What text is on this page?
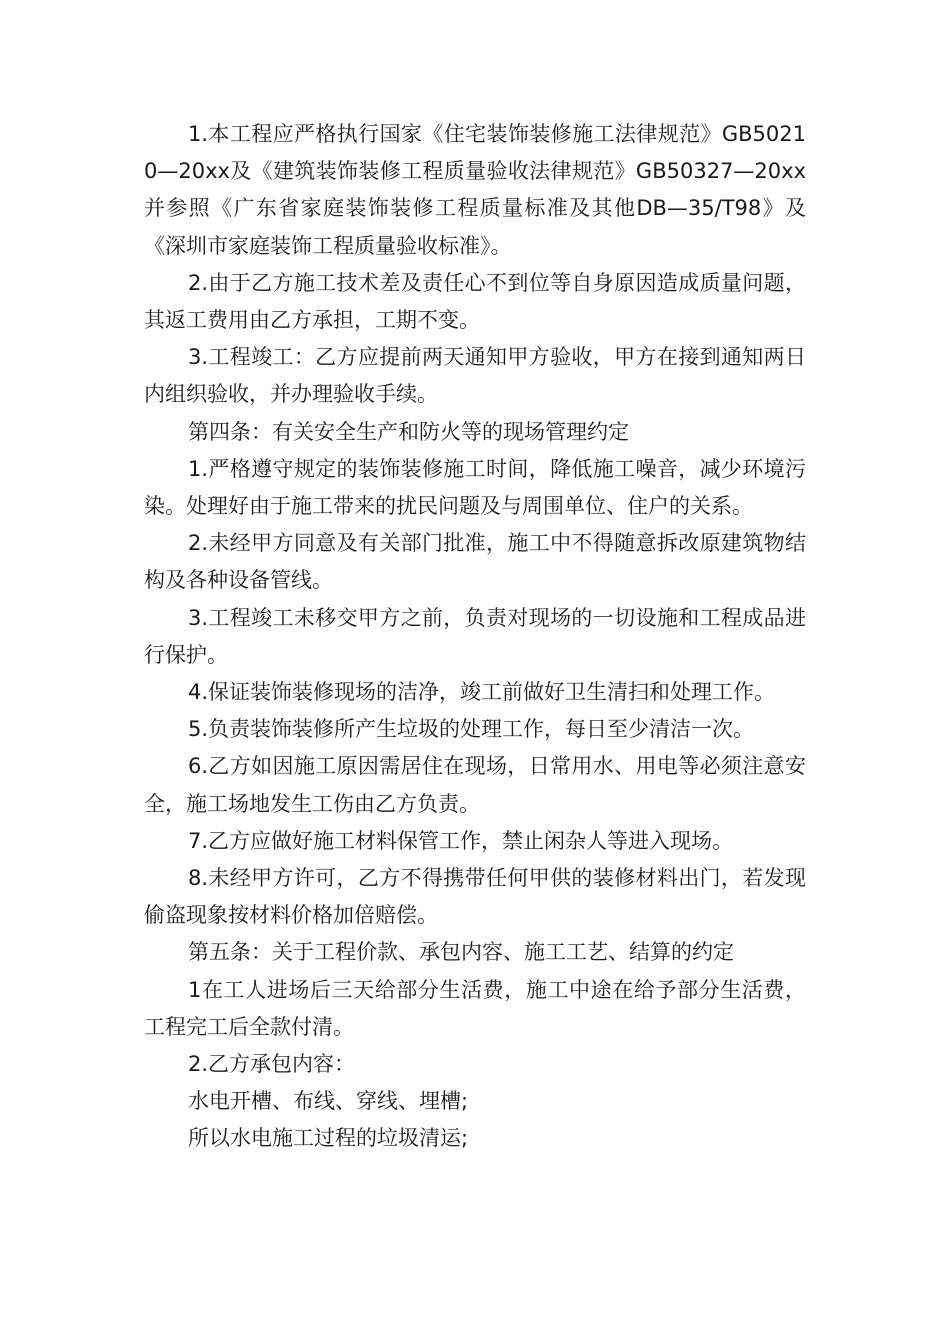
1.本工程应严格执行国家《住宅装饰装修施工法律规范》GB50210—20xx及《建筑装饰装修工程质量验收法律规范》GB50327—20xx并参照《广东省家庭装饰装修工程质量标准及其他DB—35/T98》及《深圳市家庭装饰工程质量验收标准》。

2.由于乙方施工技术差及责任心不到位等自身原因造成质量问题，其返工费用由乙方承担，工期不变。

3.工程竣工：乙方应提前两天通知甲方验收，甲方在接到通知两日内组织验收，并办理验收手续。

第四条：有关安全生产和防火等的现场管理约定

1.严格遵守规定的装饰装修施工时间，降低施工噪音，减少环境污染。处理好由于施工带来的扰民问题及与周围单位、住户的关系。

2.未经甲方同意及有关部门批准，施工中不得随意拆改原建筑物结构及各种设备管线。

3.工程竣工未移交甲方之前，负责对现场的一切设施和工程成品进行保护。

4.保证装饰装修现场的洁净，竣工前做好卫生清扫和处理工作。

5.负责装饰装修所产生垃圾的处理工作，每日至少清洁一次。

6.乙方如因施工原因需居住在现场，日常用水、用电等必须注意安全，施工场地发生工伤由乙方负责。

7.乙方应做好施工材料保管工作，禁止闲杂人等进入现场。

8.未经甲方许可，乙方不得携带任何甲供的装修材料出门，若发现偷盗现象按材料价格加倍赔偿。

第五条：关于工程价款、承包内容、施工工艺、结算的约定

1在工人进场后三天给部分生活费，施工中途在给予部分生活费，工程完工后全款付清。

2.乙方承包内容：

水电开槽、布线、穿线、埋槽;

所以水电施工过程的垃圾清运;
